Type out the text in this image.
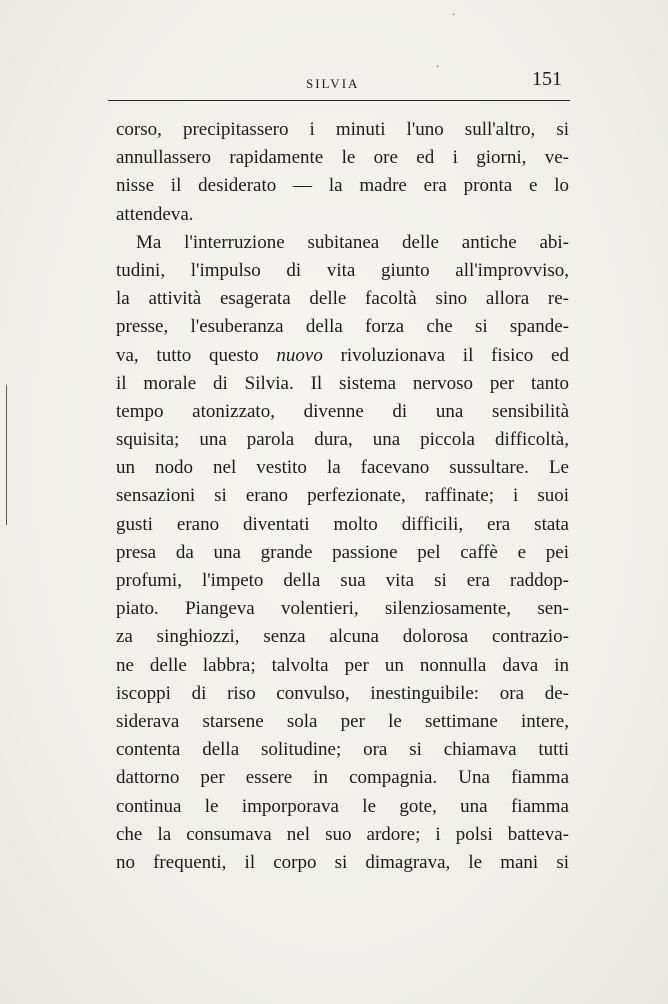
·
·
SILVIA	151
corso, precipitassero i minuti l'uno sull'altro, si
annullassero rapidamente le ore ed i giorni, ve-
nisse il desiderato — la madre era pronta e lo
attendeva.
Ma l'interruzione subitanea delle antiche abi-
tudini, l'impulso di vita giunto all'improvviso,
la attività esagerata delle facoltà sino allora re-
presse, l'esuberanza della forza che si spande-
va, tutto questo nuovo rivoluzionava il fisico ed
il morale di Silvia. Il sistema nervoso per tanto
tempo atonizzato, divenne di una sensibilità
squisita; una parola dura, una piccola difficoltà,
un nodo nel vestito la facevano sussultare. Le
sensazioni si erano perfezionate, raffinate; i suoi
gusti erano diventati molto difficili, era stata
presa da una grande passione pel caffè e pei
profumi, l'impeto della sua vita si era raddop-
piato. Piangeva volentieri, silenziosamente, sen-
za singhiozzi, senza alcuna dolorosa contrazio-
ne delle labbra; talvolta per un nonnulla dava in
iscoppi di riso convulso, inestinguibile: ora de-
siderava starsene sola per le settimane intere,
contenta della solitudine; ora si chiamava tutti
dattorno per essere in compagnia. Una fiamma
continua le imporporava le gote, una fiamma
che la consumava nel suo ardore; i polsi batteva-
no frequenti, il corpo si dimagrava, le mani si
